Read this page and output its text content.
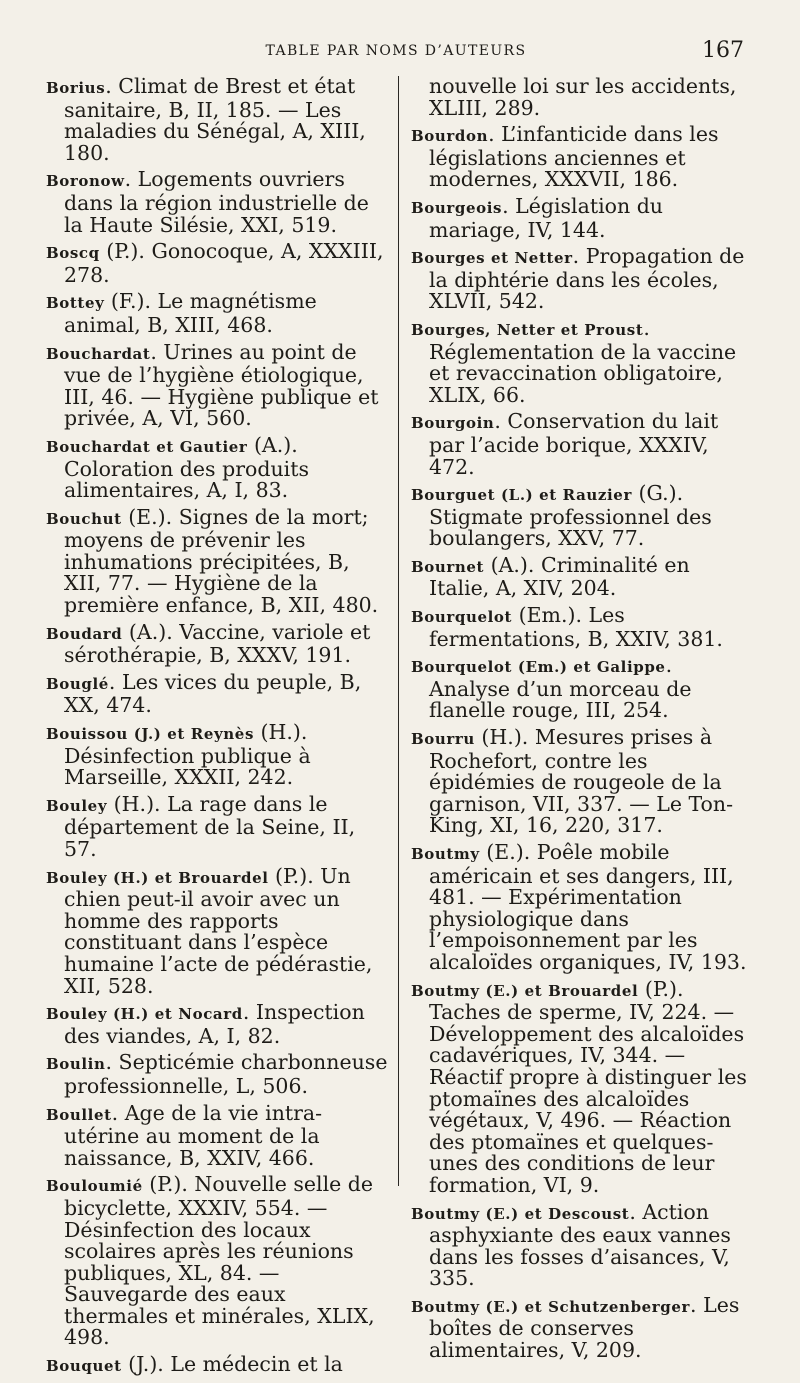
TABLE PAR NOMS D’AUTEURS	167

Borius. Climat de Brest et état sanitaire, B, II, 185. — Les maladies du Sénégal, A, XIII, 180.

Boronow. Logements ouvriers dans la région industrielle de la Haute Silésie, XXI, 519.

Boscq (P.). Gonocoque, A, XXXIII, 278.

Bottey (F.). Le magnétisme animal, B, XIII, 468.

Bouchardat. Urines au point de vue de l’hygiène étiologique, III, 46. — Hygiène publique et privée, A, VI, 560.

Bouchardat et Gautier (A.). Coloration des produits alimentaires, A, I, 83.

Bouchut (E.). Signes de la mort; moyens de prévenir les inhumations précipitées, B, XII, 77. — Hygiène de la première enfance, B, XII, 480.

Boudard (A.). Vaccine, variole et sérothérapie, B, XXXV, 191.

Bouglé. Les vices du peuple, B, XX, 474.

Bouissou (J.) et Reynès (H.). Désinfection publique à Marseille, XXXII, 242.

Bouley (H.). La rage dans le département de la Seine, II, 57.

Bouley (H.) et Brouardel (P.). Un chien peut-il avoir avec un homme des rapports constituant dans l’espèce humaine l’acte de pédérastie, XII, 528.

Bouley (H.) et Nocard. Inspection des viandes, A, I, 82.

Boulin. Septicémie charbonneuse professionnelle, L, 506.

Boullet. Age de la vie intra-utérine au moment de la naissance, B, XXIV, 466.

Bouloumié (P.). Nouvelle selle de bicyclette, XXXIV, 554. — Désinfection des locaux scolaires après les réunions publiques, XL, 84. — Sauvegarde des eaux thermales et minérales, XLIX, 498.

Bouquet (J.). Le médecin et la

nouvelle loi sur les accidents, XLIII, 289.

Bourdon. L’infanticide dans les législations anciennes et modernes, XXXVII, 186.

Bourgeois. Législation du mariage, IV, 144.

Bourges et Netter. Propagation de la diphtérie dans les écoles, XLVII, 542.

Bourges, Netter et Proust. Réglementation de la vaccine et revaccination obligatoire, XLIX, 66.

Bourgoin. Conservation du lait par l’acide borique, XXXIV, 472.

Bourguet (L.) et Rauzier (G.). Stigmate professionnel des boulangers, XXV, 77.

Bournet (A.). Criminalité en Italie, A, XIV, 204.

Bourquelot (Em.). Les fermentations, B, XXIV, 381.

Bourquelot (Em.) et Galippe. Analyse d’un morceau de flanelle rouge, III, 254.

Bourru (H.). Mesures prises à Rochefort, contre les épidémies de rougeole de la garnison, VII, 337. — Le Ton-King, XI, 16, 220, 317.

Boutmy (E.). Poêle mobile américain et ses dangers, III, 481. — Expérimentation physiologique dans l’empoisonnement par les alcaloïdes organiques, IV, 193.

Boutmy (E.) et Brouardel (P.). Taches de sperme, IV, 224. — Développement des alcaloïdes cadavériques, IV, 344. — Réactif propre à distinguer les ptomaïnes des alcaloïdes végétaux, V, 496. — Réaction des ptomaïnes et quelques-unes des conditions de leur formation, VI, 9.

Boutmy (E.) et Descoust. Action asphyxiante des eaux vannes dans les fosses d’aisances, V, 335.

Boutmy (E.) et Schutzenberger. Les boîtes de conserves alimentaires, V, 209.
